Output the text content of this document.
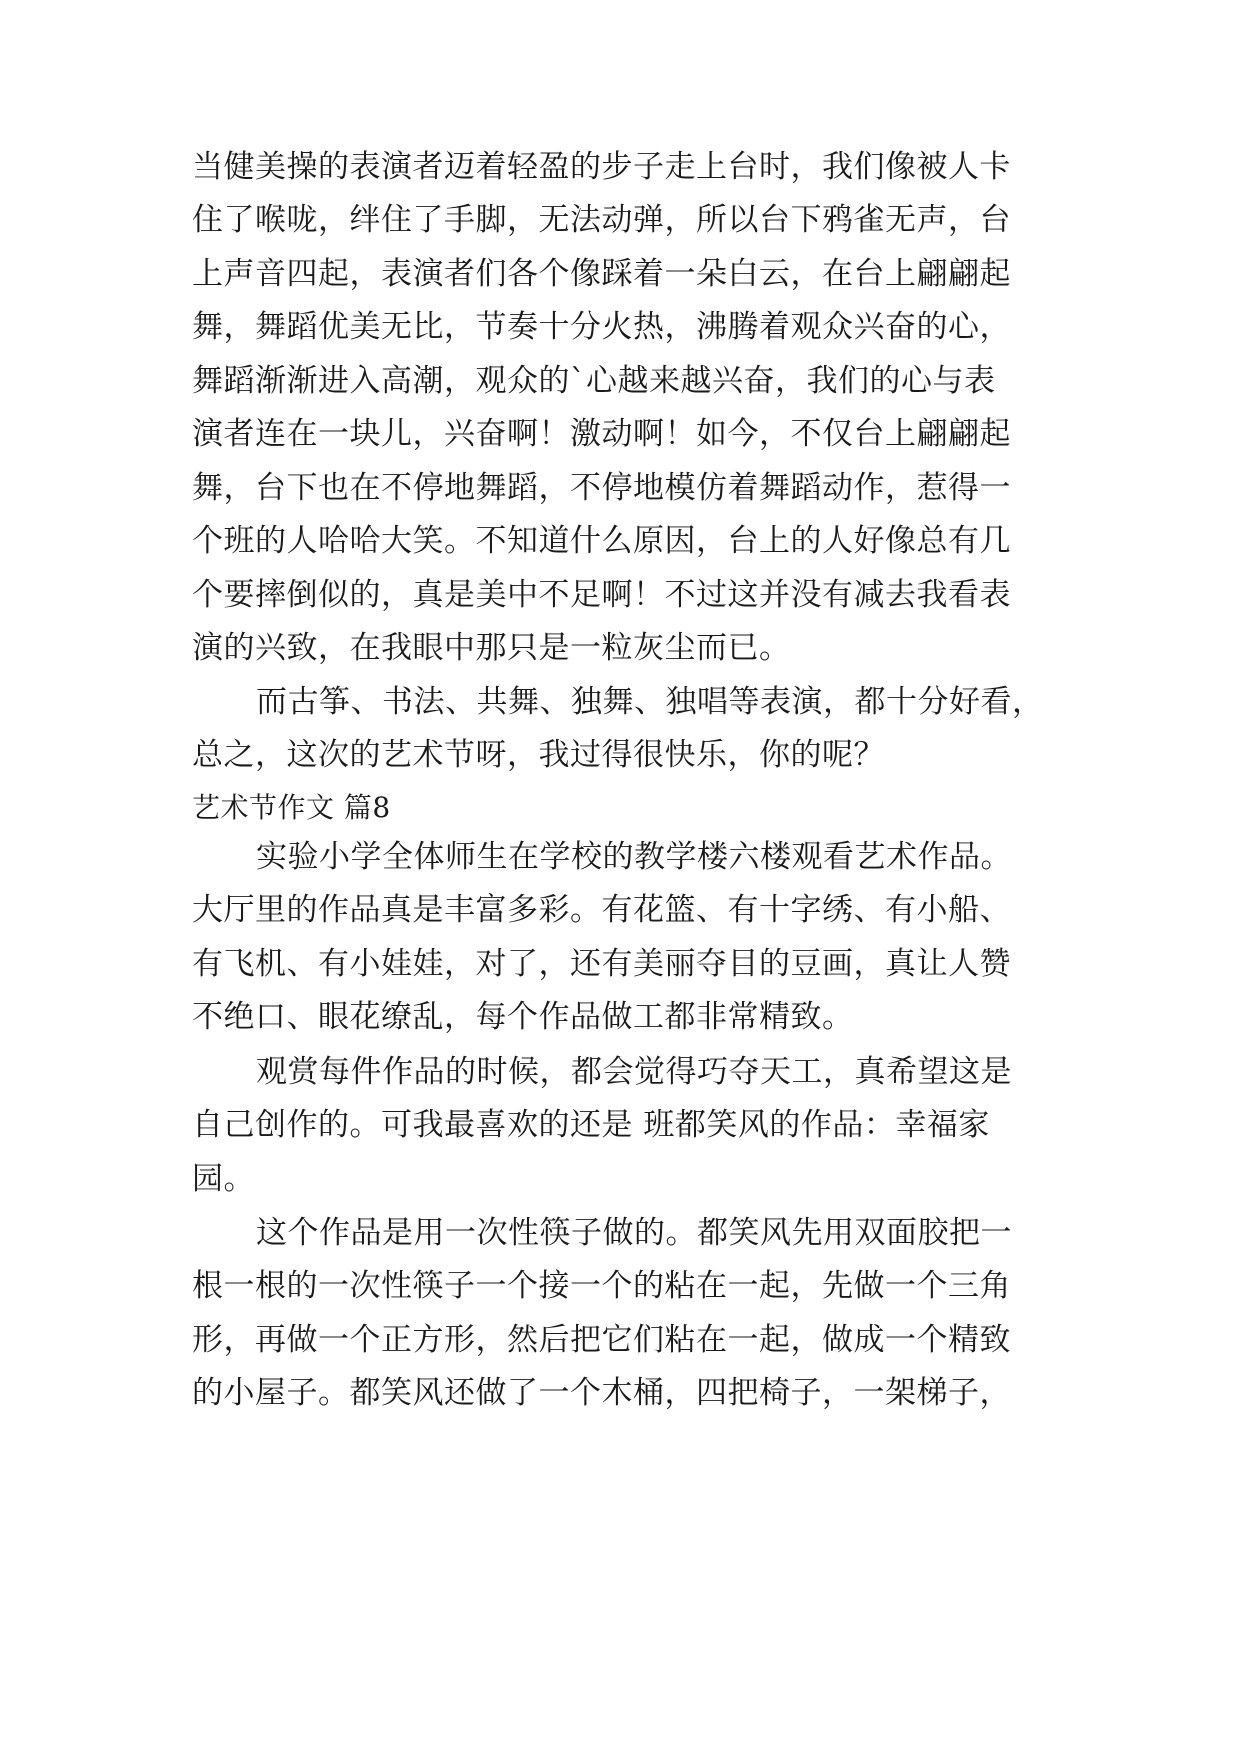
当健美操的表演者迈着轻盈的步子走上台时，我们像被人卡
住了喉咙，绊住了手脚，无法动弹，所以台下鸦雀无声，台
上声音四起，表演者们各个像踩着一朵白云，在台上翩翩起
舞，舞蹈优美无比，节奏十分火热，沸腾着观众兴奋的心，
舞蹈渐渐进入高潮，观众的`心越来越兴奋，我们的心与表
演者连在一块儿，兴奋啊！激动啊！如今，不仅台上翩翩起
舞，台下也在不停地舞蹈，不停地模仿着舞蹈动作，惹得一
个班的人哈哈大笑。不知道什么原因，台上的人好像总有几
个要摔倒似的，真是美中不足啊！不过这并没有减去我看表
演的兴致，在我眼中那只是一粒灰尘而已。
而古筝、书法、共舞、独舞、独唱等表演，都十分好看，
总之，这次的艺术节呀，我过得很快乐，你的呢？
艺术节作文 篇8
实验小学全体师生在学校的教学楼六楼观看艺术作品。
大厅里的作品真是丰富多彩。有花篮、有十字绣、有小船、
有飞机、有小娃娃，对了，还有美丽夺目的豆画，真让人赞
不绝口、眼花缭乱，每个作品做工都非常精致。
观赏每件作品的时候，都会觉得巧夺天工，真希望这是
自己创作的。可我最喜欢的还是 班都笑风的作品：幸福家
园。
这个作品是用一次性筷子做的。都笑风先用双面胶把一
根一根的一次性筷子一个接一个的粘在一起，先做一个三角
形，再做一个正方形，然后把它们粘在一起，做成一个精致
的小屋子。都笑风还做了一个木桶，四把椅子，一架梯子，
